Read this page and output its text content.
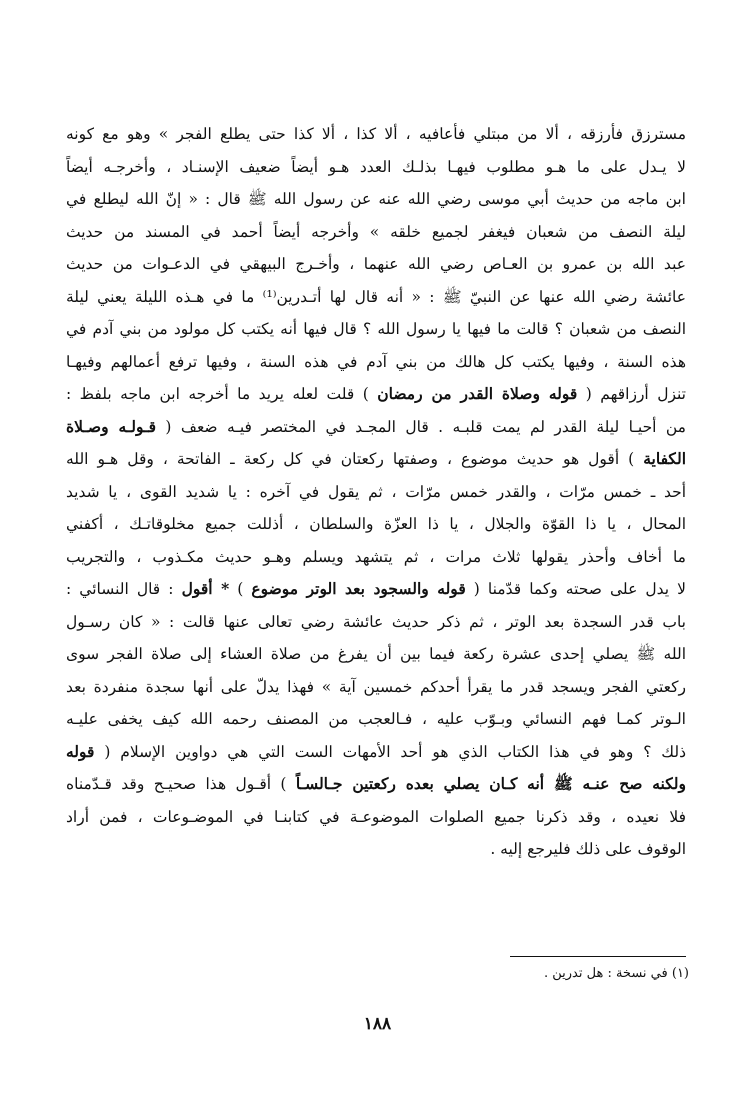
مسترزق فأرزقه ، ألا من مبتلي فأعافيه ، ألا كذا ، ألا كذا حتى يطلع الفجر » وهو مع كونه
لا يـدل على ما هـو مطلوب فيهـا بذلـك العدد هـو أيضاً ضعيف الإسنـاد ، وأخرجـه أيضاً
ابن ماجه من حديث أبي موسى رضي الله عنه عن رسول الله ﷺ قال : « إنّ الله ليطلع في
ليلة النصف من شعبان فيغفر لجميع خلقه » وأخرجه أيضاً أحمد في المسند من حديث
عبد الله بن عمرو بن العـاص رضي الله عنهما ، وأخـرج البيهقي في الدعـوات من حديث
عائشة رضي الله عنها عن النبيّ ﷺ : « أنه قال لها أتـدرين⁽¹⁾ ما في هـذه الليلة يعني ليلة
النصف من شعبان ؟ قالت ما فيها يا رسول الله ؟ قال فيها أنه يكتب كل مولود من بني آدم في
هذه السنة ، وفيها يكتب كل هالك من بني آدم في هذه السنة ، وفيها ترفع أعمالهم وفيهـا
تنزل أرزاقهم ( قوله وصلاة القدر من رمضان ) قلت لعله يريد ما أخرجه ابن ماجه بلفظ :
من أحيـا ليلة القدر لم يمت قلبـه . قال المجـد في المختصر فيـه ضعف ( قـولـه وصـلاة
الكفاية ) أقول هو حديث موضوع ، وصفتها ركعتان في كل ركعة ـ الفاتحة ، وقل هـو الله
أحد ـ خمس مرّات ، والقدر خمس مرّات ، ثم يقول في آخره : يا شديد القوى ، يا شديد
المحال ، يا ذا القوّة والجلال ، يا ذا العزّة والسلطان ، أذللت جميع مخلوقاتـك ، أكفني
ما أخاف وأحذر يقولها ثلاث مرات ، ثم يتشهد ويسلم وهـو حديث مكـذوب ، والتجريب
لا يدل على صحته وكما قدّمنا ( قوله والسجود بعد الوتر موضوع ) * أقول : قال النسائي :
باب قدر السجدة بعد الوتر ، ثم ذكر حديث عائشة رضي تعالى عنها قالت : « كان رسـول
الله ﷺ يصلي إحدى عشرة ركعة فيما بين أن يفرغ من صلاة العشاء إلى صلاة الفجر سوى
ركعتي الفجر ويسجد قدر ما يقرأ أحدكم خمسين آية » فهذا يدلّ على أنها سجدة منفردة بعد
الـوتر كمـا فهم النسائي وبـوّب عليه ، فـالعجب من المصنف رحمه الله كيف يخفى عليـه
ذلك ؟ وهو في هذا الكتاب الذي هو أحد الأمهات الست التي هي دواوين الإسلام ( قوله
ولكنه صح عنـه ﷺ أنه كـان يصلي بعده ركعتين جـالسـاً ) أقـول هذا صحيـح وقد قـدّمناه
فلا نعيده ، وقد ذكرنا جميع الصلوات الموضوعـة في كتابنـا في الموضـوعات ، فمن أراد
الوقوف على ذلك فليرجع إليه .
(١) في نسخة : هل تدرين .
١٨٨
